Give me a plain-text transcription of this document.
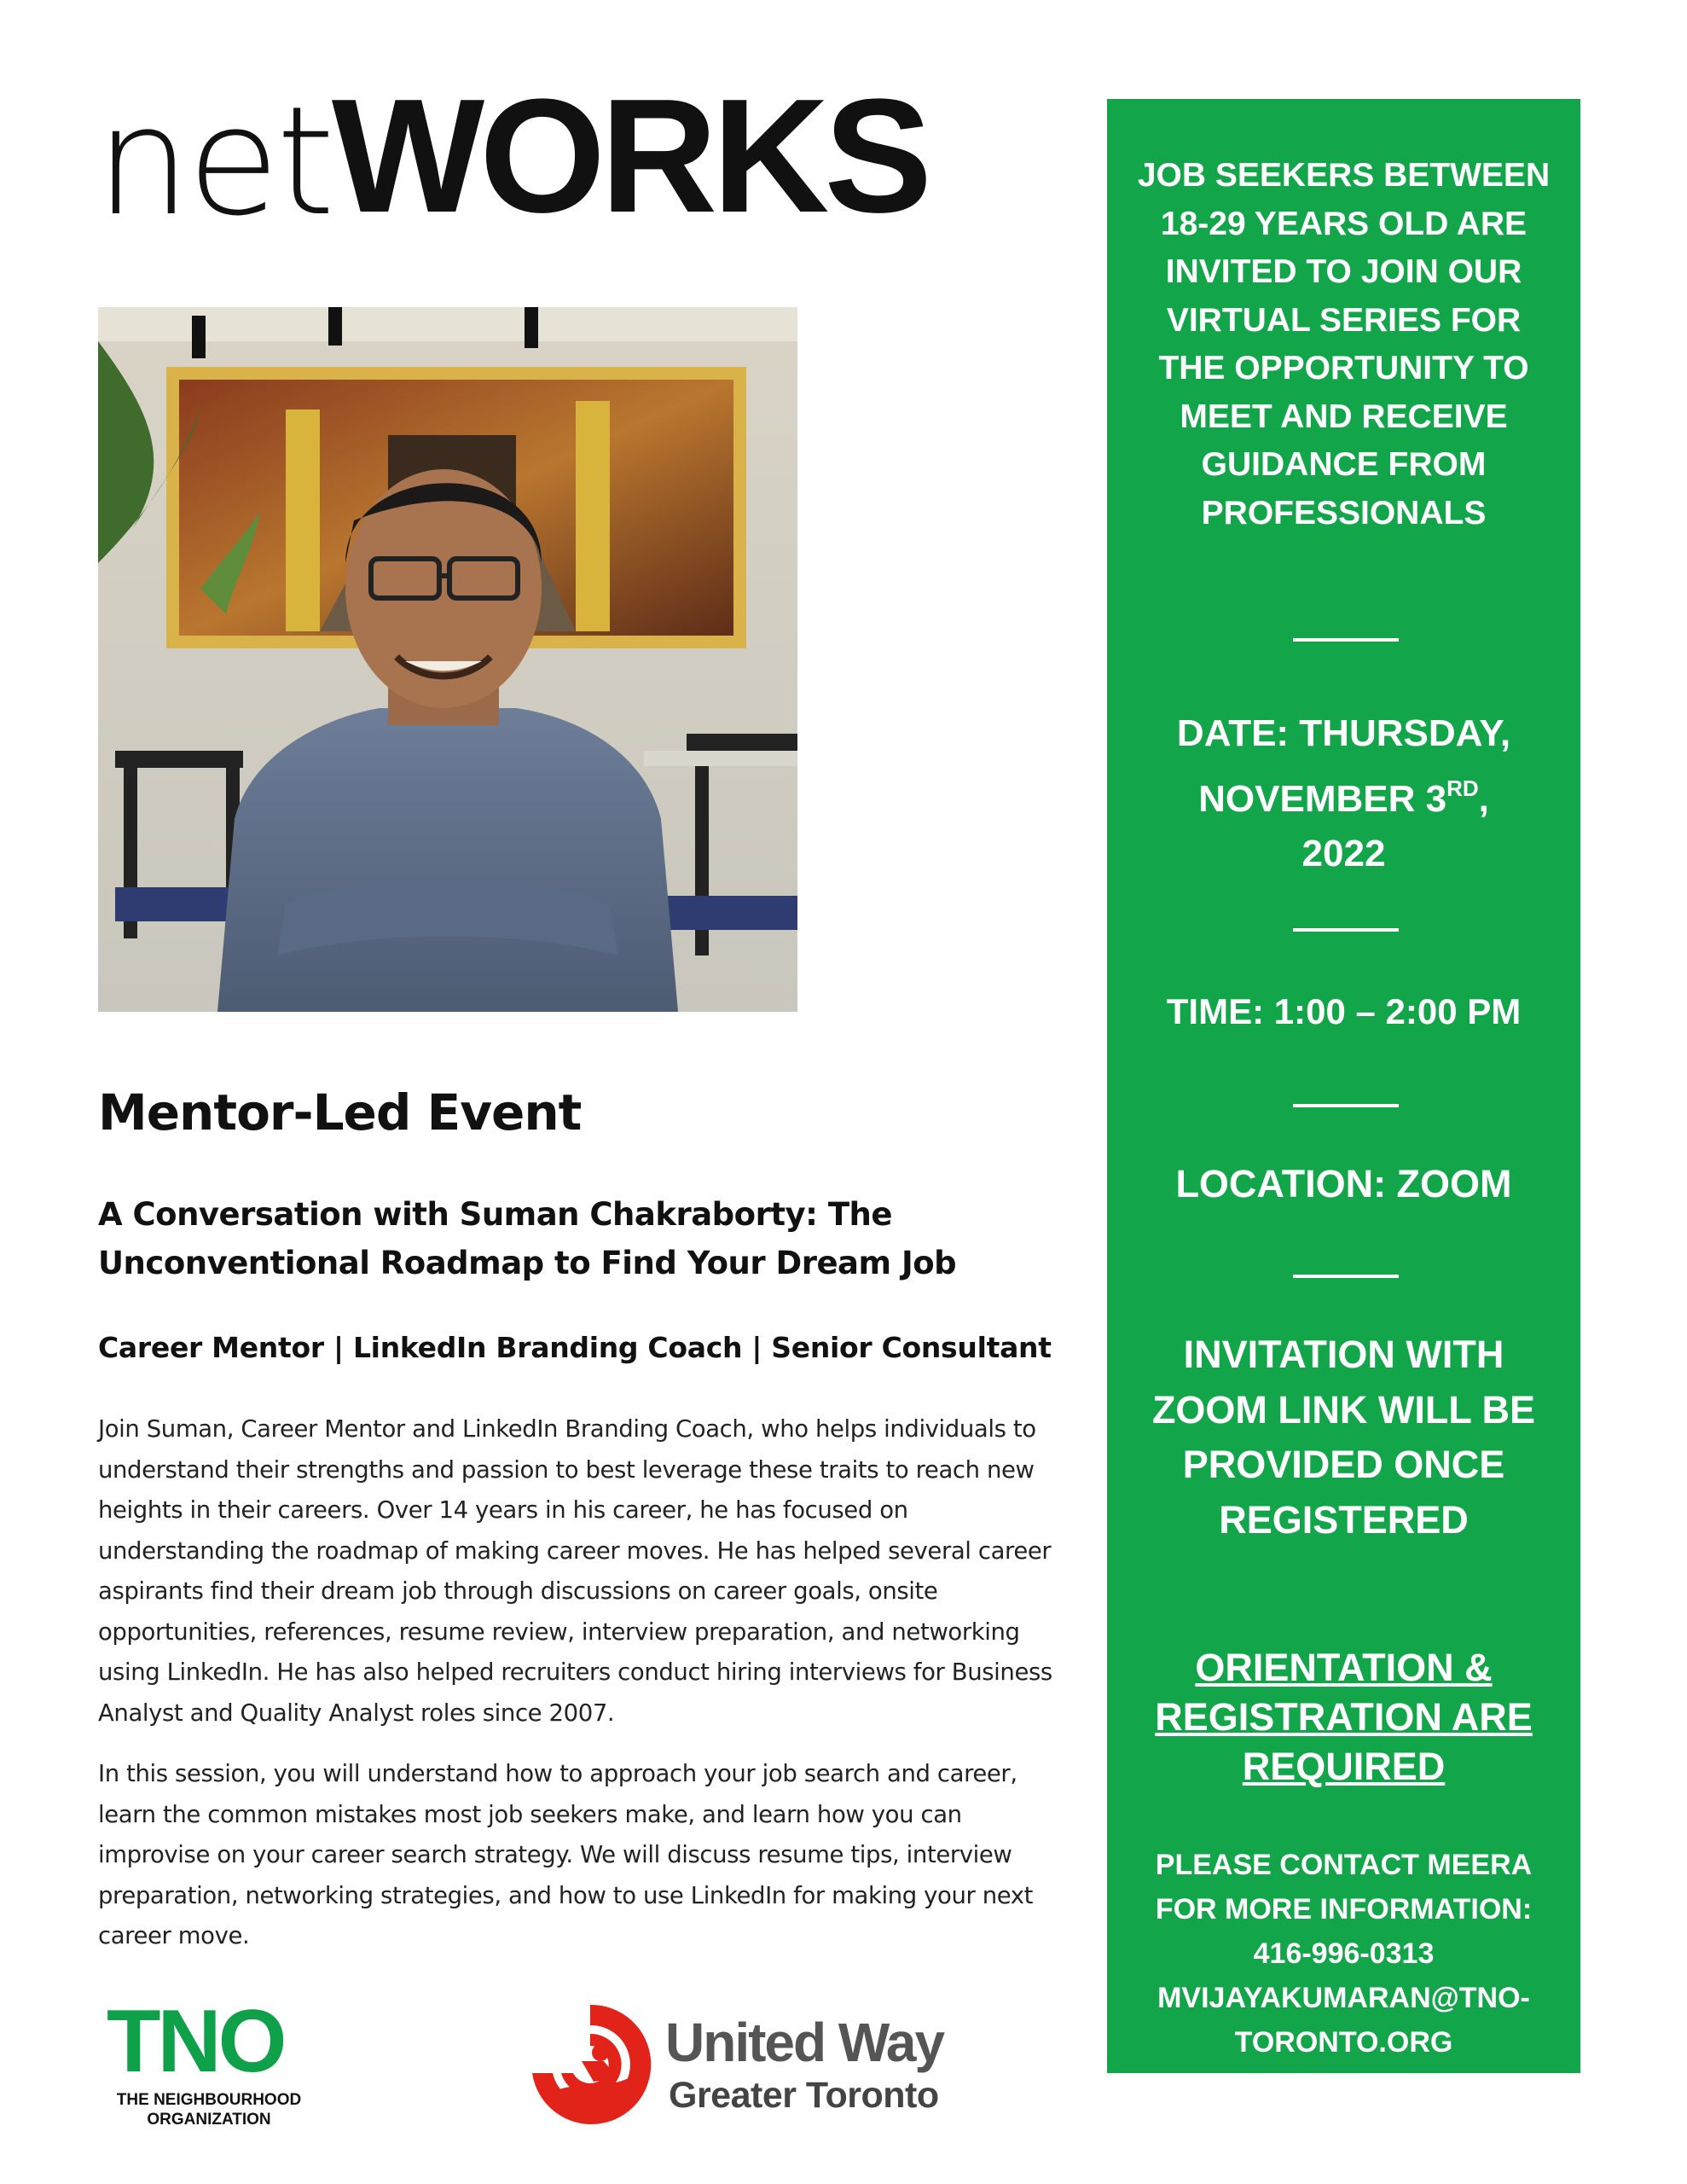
net WORKS
Mentor-Led Event

A Conversation with Suman Chakraborty: The Unconventional Roadmap to Find Your Dream Job

Career Mentor | LinkedIn Branding Coach | Senior Consultant

Join Suman, Career Mentor and LinkedIn Branding Coach, who helps individuals to understand their strengths and passion to best leverage these traits to reach new heights in their careers. Over 14 years in his career, he has focused on understanding the roadmap of making career moves. He has helped several career aspirants find their dream job through discussions on career goals, onsite opportunities, references, resume review, interview preparation, and networking using LinkedIn. He has also helped recruiters conduct hiring interviews for Business Analyst and Quality Analyst roles since 2007.

In this session, you will understand how to approach your job search and career, learn the common mistakes most job seekers make, and learn how you can improvise on your career search strategy. We will discuss resume tips, interview preparation, networking strategies, and how to use LinkedIn for making your next career move.

TNO
THE NEIGHBOURHOOD
ORGANIZATION
United Way
Greater Toronto

JOB SEEKERS BETWEEN 18-29 YEARS OLD ARE INVITED TO JOIN OUR VIRTUAL SERIES FOR THE OPPORTUNITY TO MEET AND RECEIVE GUIDANCE FROM PROFESSIONALS

DATE: THURSDAY,
NOVEMBER 3RD,
2022

TIME: 1:00 – 2:00 PM

LOCATION: ZOOM

INVITATION WITH ZOOM LINK WILL BE PROVIDED ONCE REGISTERED

ORIENTATION & REGISTRATION ARE REQUIRED

PLEASE CONTACT MEERA
FOR MORE INFORMATION:
416-996-0313
MVIJAYAKUMARAN@TNO-
TORONTO.ORG
